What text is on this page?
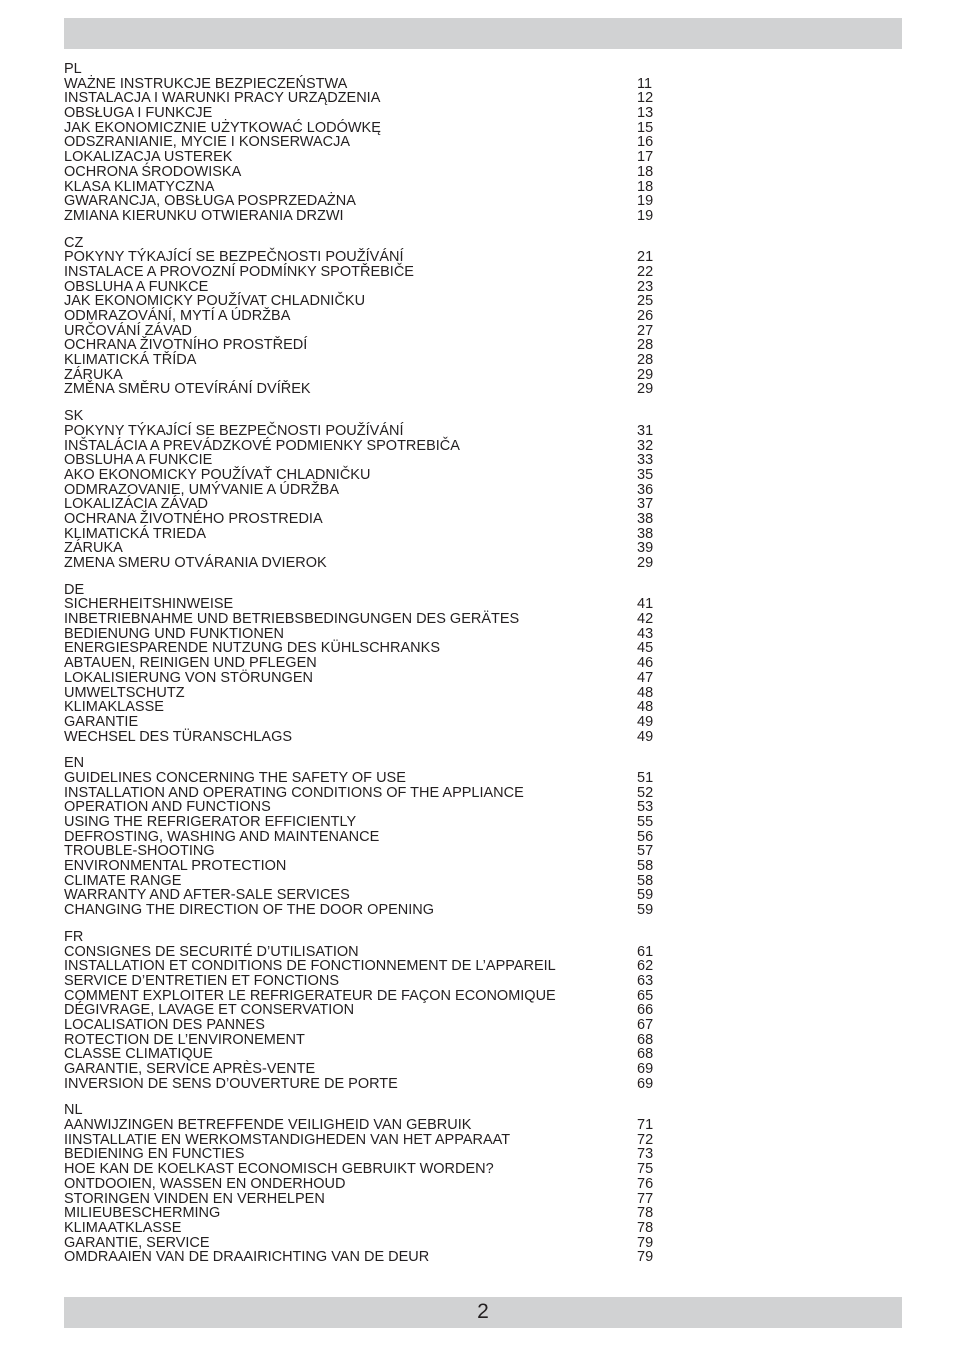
PL
WAŻNE INSTRUKCJE BEZPIECZEŃSTWA	11
INSTALACJA I WARUNKI PRACY URZĄDZENIA	12
OBSŁUGA I FUNKCJE	13
JAK EKONOMICZNIE UŻYTKOWAĆ LODÓWKĘ	15
ODSZRANIANIE, MYCIE I KONSERWACJA	16
LOKALIZACJA USTEREK	17
OCHRONA ŚRODOWISKA	18
KLASA KLIMATYCZNA	18
GWARANCJA, OBSŁUGA POSPRZEDAŻNA	19
ZMIANA KIERUNKU OTWIERANIA DRZWI	19
CZ
POKYNY TÝKAJÍCÍ SE BEZPEČNOSTI POUŽÍVÁNÍ	21
INSTALACE A PROVOZNÍ PODMÍNKY SPOTŘEBIČE	22
OBSLUHA A FUNKCE	23
JAK EKONOMICKY POUŽÍVAT CHLADNIČKU	25
ODMRAZOVÁNÍ, MYTÍ A ÚDRŽBA	26
URČOVÁNÍ ZÁVAD	27
OCHRANA ŽIVOTNÍHO PROSTŘEDÍ	28
KLIMATICKÁ TŘÍDA	28
ZÁRUKA	29
ZMĚNA SMĚRU OTEVÍRÁNÍ DVÍŘEK	29
SK
POKYNY TÝKAJÍCÍ SE BEZPEČNOSTI POUŽÍVÁNÍ	31
INŠTALÁCIA A PREVÁDZKOVÉ PODMIENKY SPOTREBIČA	32
OBSLUHA A FUNKCIE	33
AKO EKONOMICKY POUŽÍVAŤ CHLADNIČKU	35
ODMRAZOVANIE, UMÝVANIE A ÚDRŽBA	36
LOKALIZÁCIA ZÁVAD	37
OCHRANA ŽIVOTNÉHO PROSTREDIA	38
KLIMATICKÁ TRIEDA	38
ZÁRUKA	39
ZMENA SMERU OTVÁRANIA DVIEROK	29
DE
SICHERHEITSHINWEISE	41
INBETRIEBNAHME UND BETRIEBSBEDINGUNGEN DES GERÄTES	42
BEDIENUNG UND FUNKTIONEN	43
ENERGIESPARENDE NUTZUNG DES KÜHLSCHRANKS	45
ABTAUEN, REINIGEN UND PFLEGEN	46
LOKALISIERUNG VON STÖRUNGEN	47
UMWELTSCHUTZ	48
KLIMAKLASSE	48
GARANTIE	49
WECHSEL DES TÜRANSCHLAGS	49
EN
GUIDELINES CONCERNING THE SAFETY OF USE	51
INSTALLATION AND OPERATING CONDITIONS OF THE APPLIANCE	52
OPERATION AND FUNCTIONS	53
USING THE REFRIGERATOR EFFICIENTLY	55
DEFROSTING, WASHING AND MAINTENANCE	56
TROUBLE-SHOOTING	57
ENVIRONMENTAL PROTECTION	58
CLIMATE RANGE	58
WARRANTY AND AFTER-SALE SERVICES	59
CHANGING THE DIRECTION OF THE DOOR OPENING	59
FR
CONSIGNES DE SECURITÉ D’UTILISATION	61
INSTALLATION ET CONDITIONS DE FONCTIONNEMENT DE L’APPAREIL	62
SERVICE D’ENTRETIEN ET FONCTIONS	63
COMMENT EXPLOITER LE REFRIGERATEUR DE FAÇON ECONOMIQUE	65
DÉGIVRAGE, LAVAGE ET CONSERVATION	66
LOCALISATION DES PANNES	67
ROTECTION DE L’ENVIRONEMENT	68
CLASSE CLIMATIQUE	68
GARANTIE, SERVICE APRÈS-VENTE	69
INVERSION DE SENS D’OUVERTURE DE PORTE	69
NL
AANWIJZINGEN BETREFFENDE VEILIGHEID VAN GEBRUIK	71
IINSTALLATIE EN WERKOMSTANDIGHEDEN VAN HET APPARAAT	72
BEDIENING EN FUNCTIES	73
HOE KAN DE KOELKAST ECONOMISCH GEBRUIKT WORDEN?	75
ONTDOOIEN, WASSEN EN ONDERHOUD	76
STORINGEN VINDEN EN VERHELPEN	77
MILIEUBESCHERMING	78
KLIMAATKLASSE	78
GARANTIE, SERVICE	79
OMDRAAIEN VAN DE DRAAIRICHTING VAN DE DEUR	79
2
